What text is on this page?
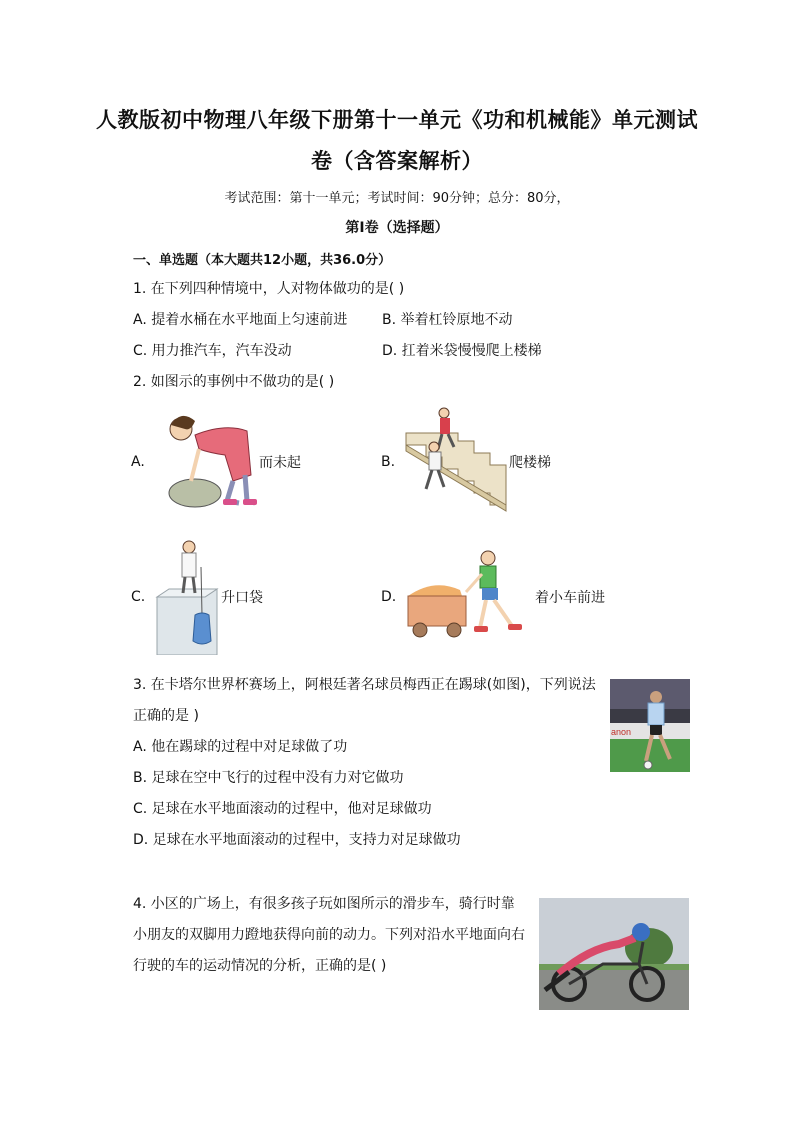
人教版初中物理八年级下册第十一单元《功和机械能》单元测试
卷（含答案解析）
考试范围：第十一单元；考试时间：90分钟；总分：80分，
第Ⅰ卷（选择题）
一、单选题（本大题共12小题，共36.0分）
1. 在下列四种情境中，人对物体做功的是( )
A. 提着水桶在水平地面上匀速前进 B. 举着杠铃原地不动
C. 用力推汽车，汽车没动	D. 扛着米袋慢慢爬上楼梯
2. 如图示的事例中不做功的是( )
A.	而未起	B.	爬楼梯
C.	升口袋	D.	着小车前进
3. 在卡塔尔世界杯赛场上，阿根廷著名球员梅西正在踢球(如图)，下列说法
正确的是 )
A. 他在踢球的过程中对足球做了功
B. 足球在空中飞行的过程中没有力对它做功
C. 足球在水平地面滚动的过程中，他对足球做功
D. 足球在水平地面滚动的过程中，支持力对足球做功
anon
4. 小区的广场上，有很多孩子玩如图所示的滑步车，骑行时靠
小朋友的双脚用力蹬地获得向前的动力。下列对沿水平地面向右
行驶的车的运动情况的分析，正确的是( )
